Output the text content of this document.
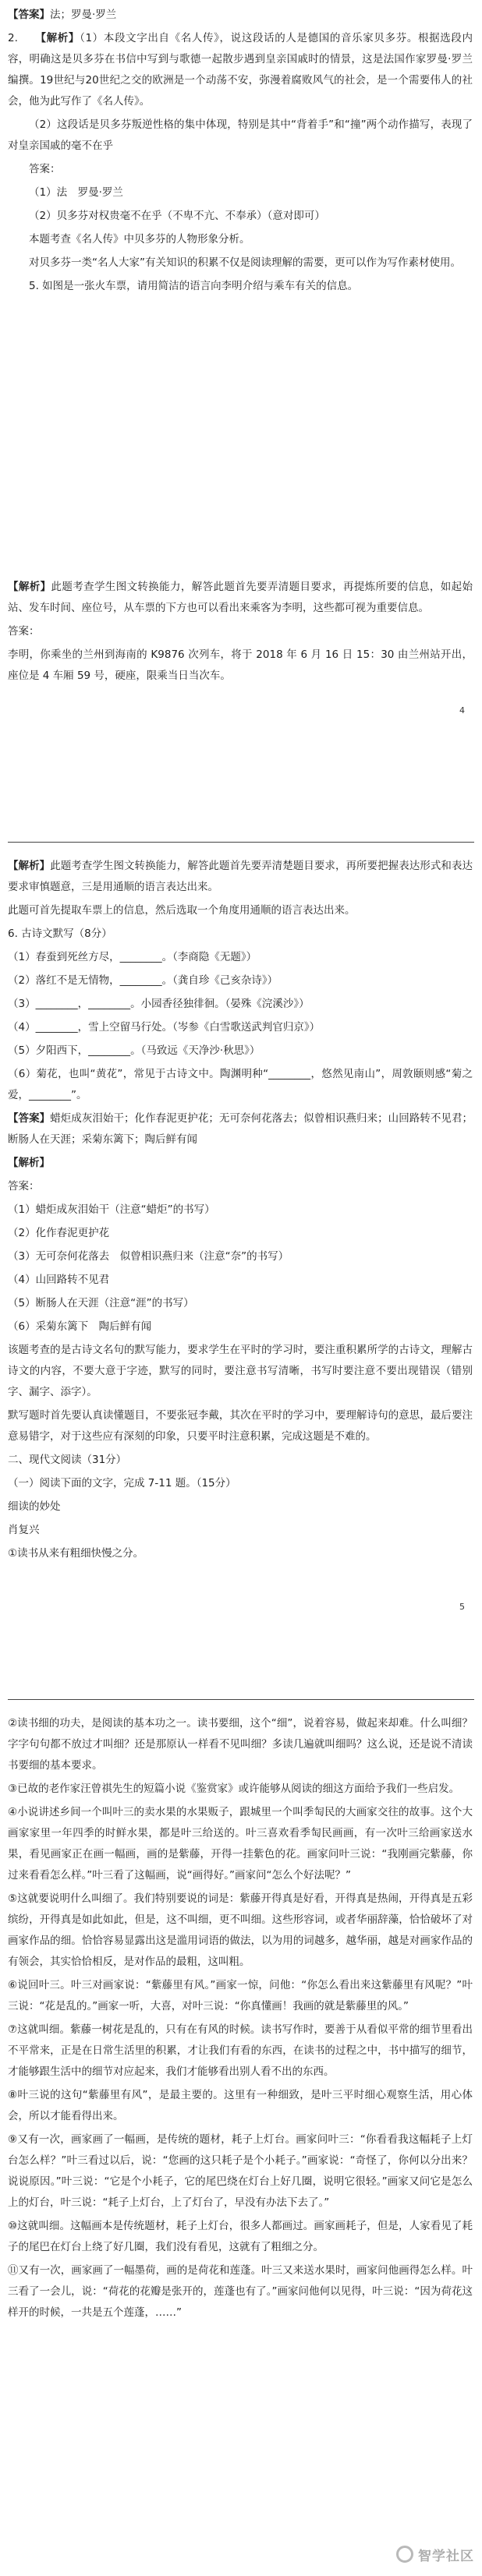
【答案】法；罗曼·罗兰

2. 【解析】（1）本段文字出自《名人传》，说这段话的人是德国的音乐家贝多芬。根据选段内容，明确这是贝多芬在书信中写到与歌德一起散步遇到皇亲国戚时的情景，这是法国作家罗曼·罗兰编撰。19世纪与20世纪之交的欧洲是一个动荡不安，弥漫着腐败风气的社会，是一个需要伟人的社会，他为此写作了《名人传》。

（2）这段话是贝多芬叛逆性格的集中体现，特别是其中“背着手”和“撞”两个动作描写，表现了对皇亲国戚的毫不在乎

答案：

（1）法　罗曼·罗兰

（2）贝多芬对权贵毫不在乎（不卑不亢、不奉承）（意对即可）

本题考查《名人传》中贝多芬的人物形象分析。

对贝多芬一类“名人大家”有关知识的积累不仅是阅读理解的需要，更可以作为写作素材使用。

5. 如图是一张火车票，请用简洁的语言向李明介绍与乘车有关的信息。

【解析】此题考查学生图文转换能力，解答此题首先要弄清题目要求，再提炼所要的信息，如起始站、发车时间、座位号，从车票的下方也可以看出来乘客为李明，这些都可视为重要信息。

答案：

李明，你乘坐的兰州到海南的 K9876 次列车，将于 2018 年 6 月 16 日 15：30 由兰州站开出，座位是 4 车厢 59 号，硬座，限乘当日当次车。

4

【解析】此题考查学生图文转换能力，解答此题首先要弄清楚题目要求，再所要把握表达形式和表达要求审慎题意，三是用通顺的语言表达出来。

此题可首先提取车票上的信息，然后选取一个角度用通顺的语言表达出来。

6. 古诗文默写（8分）

（1）春蚕到死丝方尽，________。（李商隐《无题》）

（2）落红不是无情物，________。（龚自珍《己亥杂诗》）

（3）________，________。小园香径独徘徊。（晏殊《浣溪沙》）

（4）________，雪上空留马行处。（岑参《白雪歌送武判官归京》）

（5）夕阳西下，________。（马致远《天净沙·秋思》）

（6）菊花，也叫“黄花”，常见于古诗文中。陶渊明种“________，悠然见南山”，周敦颐则感“菊之爱，________”。

【答案】蜡炬成灰泪始干；化作春泥更护花；无可奈何花落去；似曾相识燕归来；山回路转不见君；断肠人在天涯；采菊东篱下；陶后鲜有闻

【解析】

答案：

（1）蜡炬成灰泪始干（注意“蜡炬”的书写）

（2）化作春泥更护花

（3）无可奈何花落去　似曾相识燕归来（注意“奈”的书写）

（4）山回路转不见君

（5）断肠人在天涯（注意“涯”的书写）

（6）采菊东篱下　陶后鲜有闻

该题考查的是古诗文名句的默写能力，要求学生在平时的学习时，要注重积累所学的古诗文，理解古诗文的内容，不要大意于字迹，默写的同时，要注意书写清晰，书写时要注意不要出现错误（错别字、漏字、添字）。

默写题时首先要认真读懂题目，不要张冠李戴，其次在平时的学习中，要理解诗句的意思，最后要注意易错字，对于这些应有深刻的印象，只要平时注意积累，完成这题是不难的。

二、现代文阅读（31分）

（一）阅读下面的文字，完成 7-11 题。（15分）

细读的妙处
肖复兴

①读书从来有粗细快慢之分。

5

②读书细的功夫，是阅读的基本功之一。读书要细，这个“细”，说着容易，做起来却难。什么叫细？字字句句都不放过才叫细？还是那原认一样看不见叫细？多读几遍就叫细吗？这么说，还是说不清读书要细的基本要求。

③已故的老作家汪曾祺先生的短篇小说《鉴赏家》或许能够从阅读的细这方面给予我们一些启发。

④小说讲述乡间一个叫叶三的卖水果的水果贩子，跟城里一个叫季匋民的大画家交往的故事。这个大画家家里一年四季的时鲜水果，都是叶三给送的。叶三喜欢看季匋民画画，有一次叶三给画家送水果，看见画家正在画一幅画，画的是紫藤，开得一挂紫色的花。画家问叶三说：“我刚画完紫藤，你过来看看怎么样。”叶三看了这幅画，说“画得好。”画家问“怎么个好法呢？”

⑤这就要说明什么叫细了。我们特别要说的词是：紫藤开得真是好看，开得真是热闹，开得真是五彩缤纷，开得真是如此如此，但是，这不叫细，更不叫细。这些形容词，或者华丽辞藻，恰恰破坏了对画家作品的细。恰恰容易显露出这是滥用词语的做法，以为用的词越多，越华丽，越是对画家作品的有领会，其实恰恰相反，是对作品的最粗，这叫粗。

⑥说回叶三。叶三对画家说：“紫藤里有风。”画家一惊，问他：“你怎么看出来这紫藤里有风呢？”叶三说：“花是乱的。”画家一听，大喜，对叶三说：“你真懂画！我画的就是紫藤里的风。”

⑦这就叫细。紫藤一树花是乱的，只有在有风的时候。读书写作时，要善于从看似平常的细节里看出不平常来，正是在日常生活里的积累，才让我们有看的东西，在读书的过程之中，书中描写的细节，才能够跟生活中的细节对应起来，我们才能够看出别人看不出的东西。

⑧叶三说的这句“紫藤里有风”，是最主要的。这里有一种细致，是叶三平时细心观察生活，用心体会，所以才能看得出来。

⑨又有一次，画家画了一幅画，是传统的题材，耗子上灯台。画家问叶三：“你看看我这幅耗子上灯台怎么样？”叶三看过以后，说：“您画的这只耗子是个小耗子。”画家说：“奇怪了，你何以分出来？说说原因。”叶三说：“它是个小耗子，它的尾巴绕在灯台上好几圈，说明它很轻。”画家又问它是怎么上的灯台，叶三说：“耗子上灯台，上了灯台了，早没有办法下去了。”

⑩这就叫细。这幅画本是传统题材，耗子上灯台，很多人都画过。画家画耗子，但是，人家看见了耗子的尾巴在灯台上绕了好几圈，我们没有看见，这就有了粗细之分。

⑪又有一次，画家画了一幅墨荷，画的是荷花和莲蓬。叶三又来送水果时，画家问他画得怎么样。叶三看了一会儿，说：“荷花的花瓣是张开的，莲蓬也有了。”画家问他何以见得，叶三说：“因为荷花这样开的时候，一共是五个莲蓬，……”

智学社区
